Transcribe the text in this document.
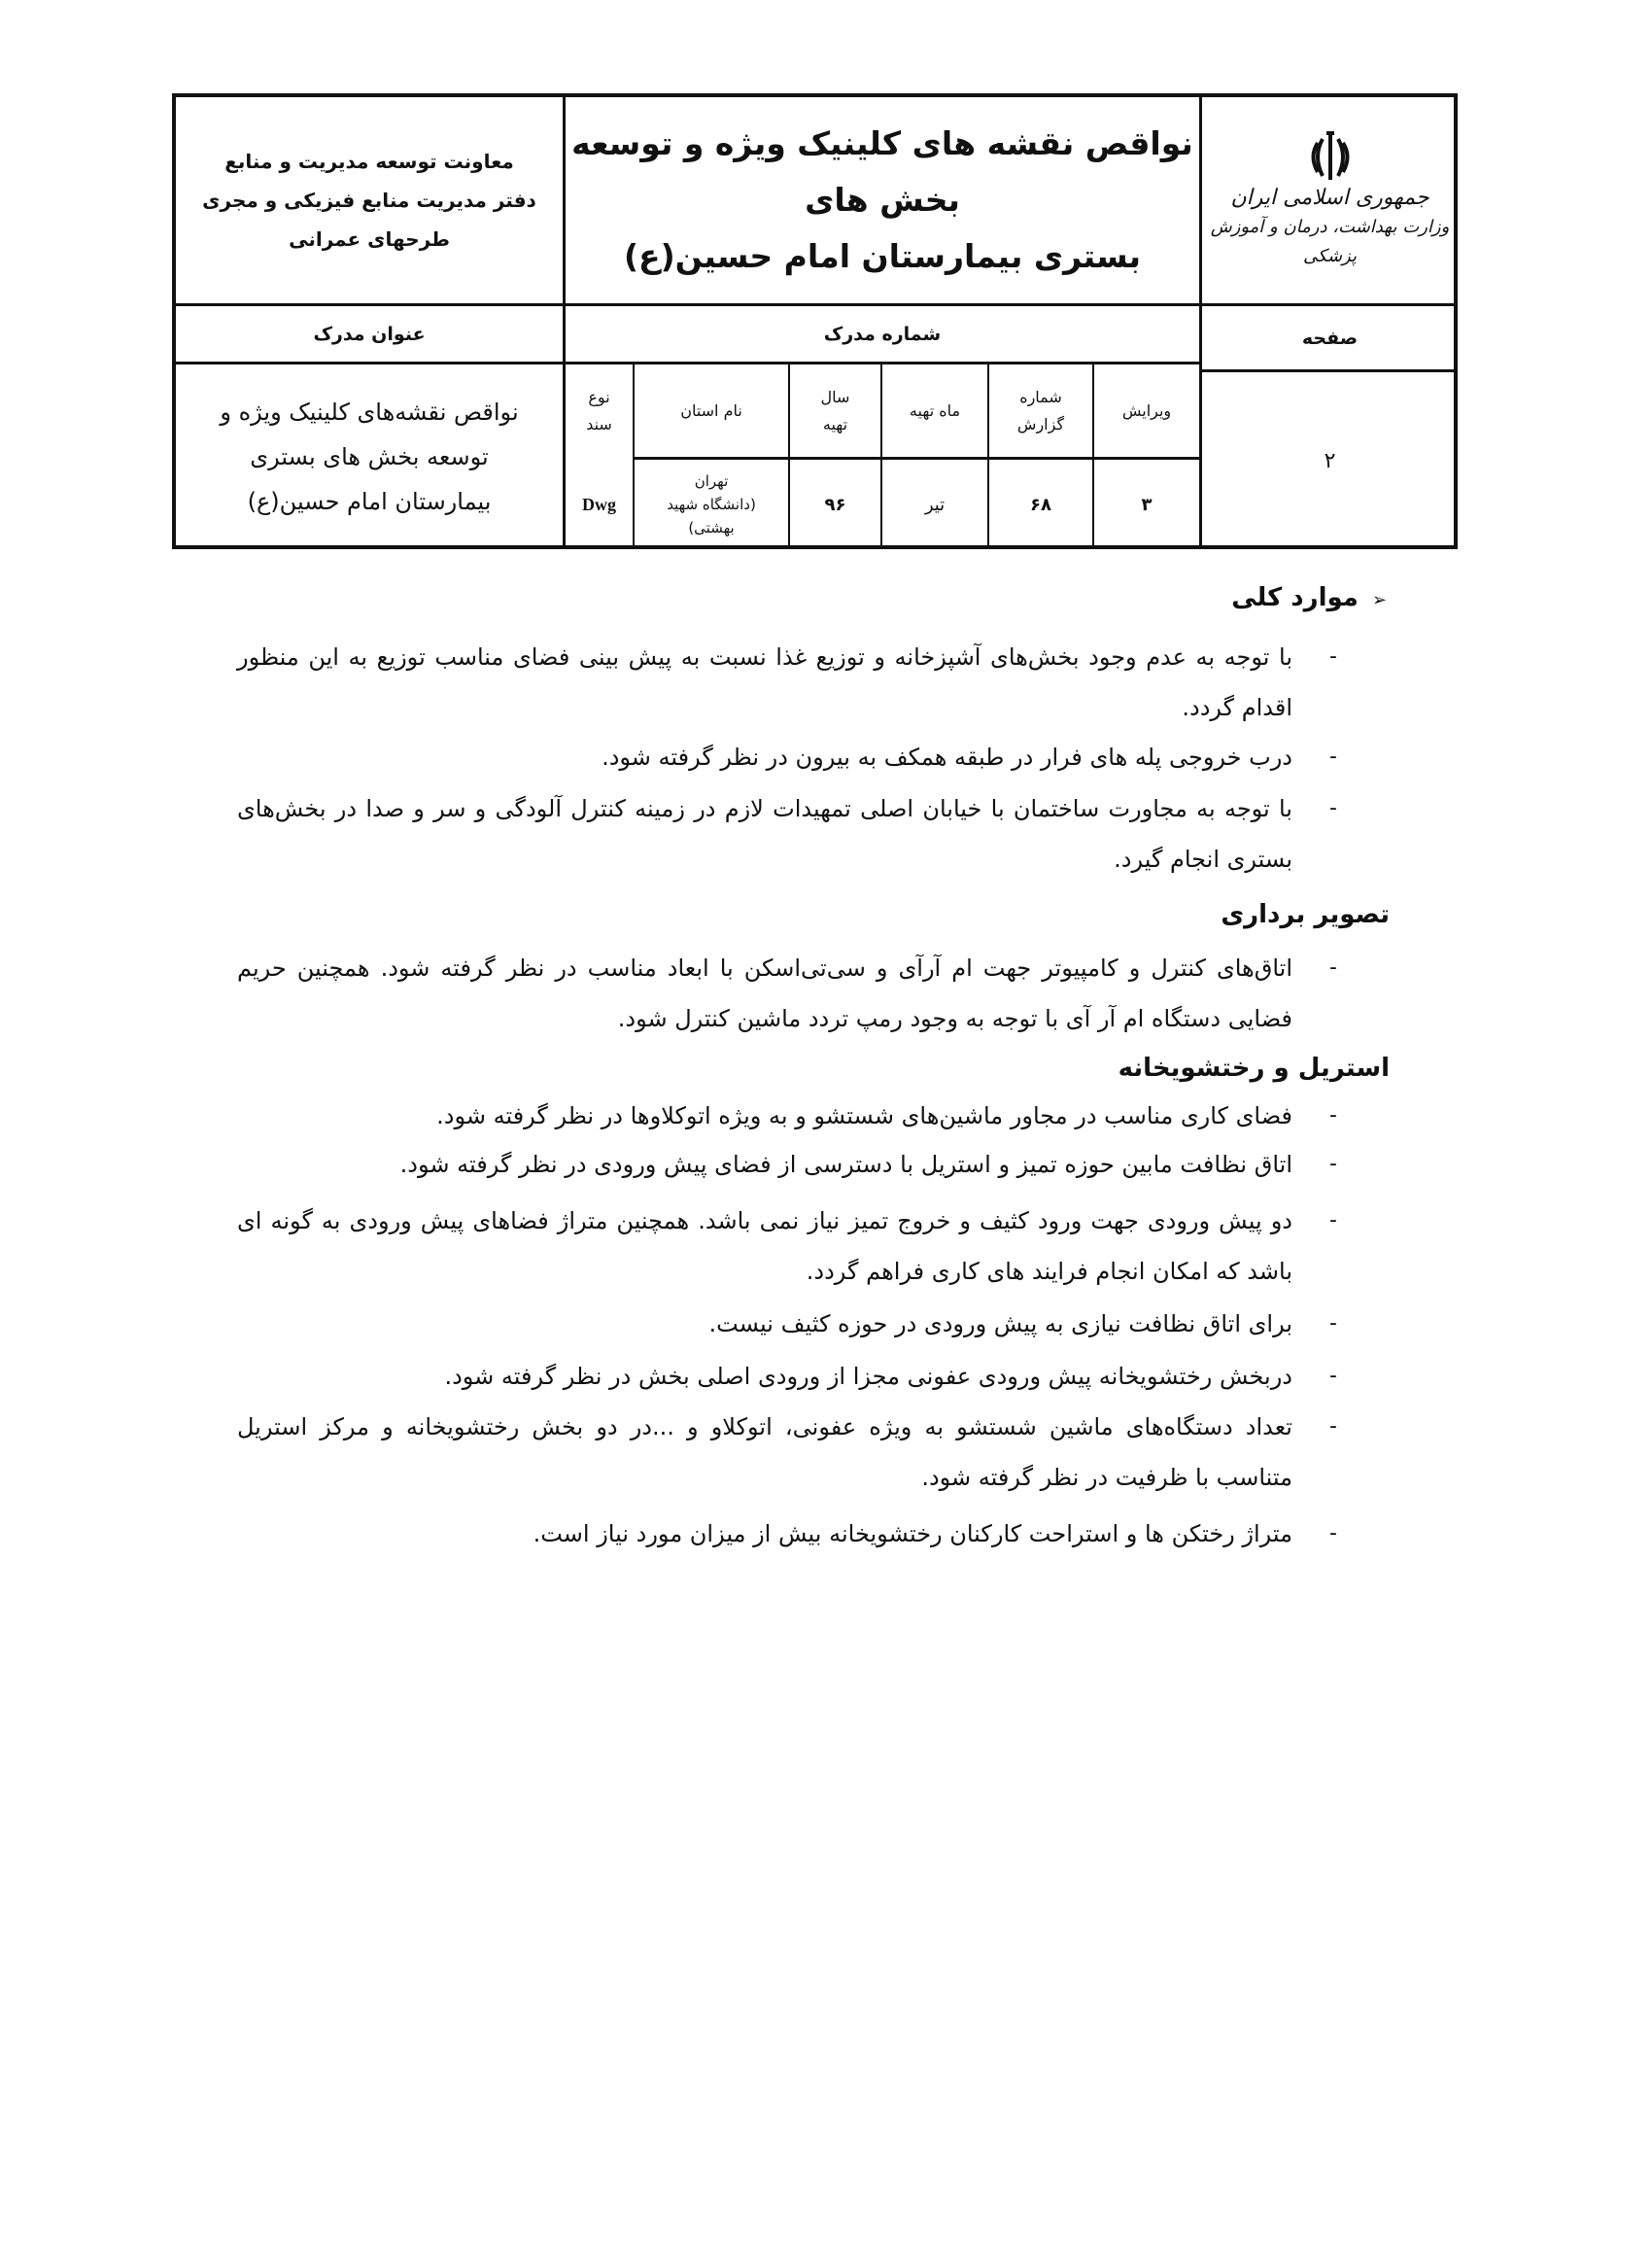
جمهوری اسلامی ایران
وزارت بهداشت، درمان و آموزش پزشکی
نواقص نقشه های کلینیک ویژه و توسعه بخش های
بستری بیمارستان امام حسین(ع)
معاونت توسعه مدیریت و منابع
دفتر مدیریت منابع فیزیکی و مجری
طرحهای عمرانی
صفحه
شماره مدرک
عنوان مدرک
۲
ویرایش
شماره
گزارش
ماه تهیه
سال
تهیه
نام استان
نوع
سند
۳
۶۸
تیر
۹۶
تهران
(دانشگاه شهید
بهشتی)
Dwg
نواقص نقشه‌های کلینیک ویژه و
توسعه بخش های بستری
بیمارستان امام حسین(ع)
➢موارد کلی
-
با توجه به عدم وجود بخش‌های آشپزخانه و توزیع غذا نسبت به پیش بینی فضای مناسب توزیع به این منظور اقدام گردد.
-
درب خروجی پله های فرار در طبقه همکف به بیرون در نظر گرفته شود.
-
با توجه به مجاورت ساختمان با خیابان اصلی تمهیدات لازم در زمینه کنترل آلودگی و سر و صدا در بخش‌های بستری انجام گیرد.
تصویر برداری
-
اتاق‌های کنترل و کامپیوتر جهت ام آرآی و سی‌تی‌اسکن با ابعاد مناسب در نظر گرفته شود. همچنین حریم فضایی دستگاه ام آر آی با توجه به وجود رمپ تردد ماشین کنترل شود.
استریل و رختشویخانه
-
فضای کاری مناسب در مجاور ماشین‌های شستشو و به ویژه اتوکلاوها در نظر گرفته شود.
-
اتاق نظافت مابین حوزه تمیز و استریل با دسترسی از فضای پیش ورودی در نظر گرفته شود.
-
دو پیش ورودی جهت ورود کثیف و خروج تمیز نیاز نمی باشد. همچنین متراژ فضاهای پیش ورودی به گونه ای باشد که امکان انجام فرایند های کاری فراهم گردد.
-
برای اتاق نظافت نیازی به پیش ورودی در حوزه کثیف نیست.
-
دربخش رختشویخانه پیش ورودی عفونی مجزا از ورودی اصلی بخش در نظر گرفته شود.
-
تعداد دستگاه‌های ماشین شستشو به ویژه عفونی، اتوکلاو و ...در دو بخش رختشویخانه و مرکز استریل متناسب با ظرفیت در نظر گرفته شود.
-
متراژ رختکن ها و استراحت کارکنان رختشویخانه بیش از میزان مورد نیاز است.
